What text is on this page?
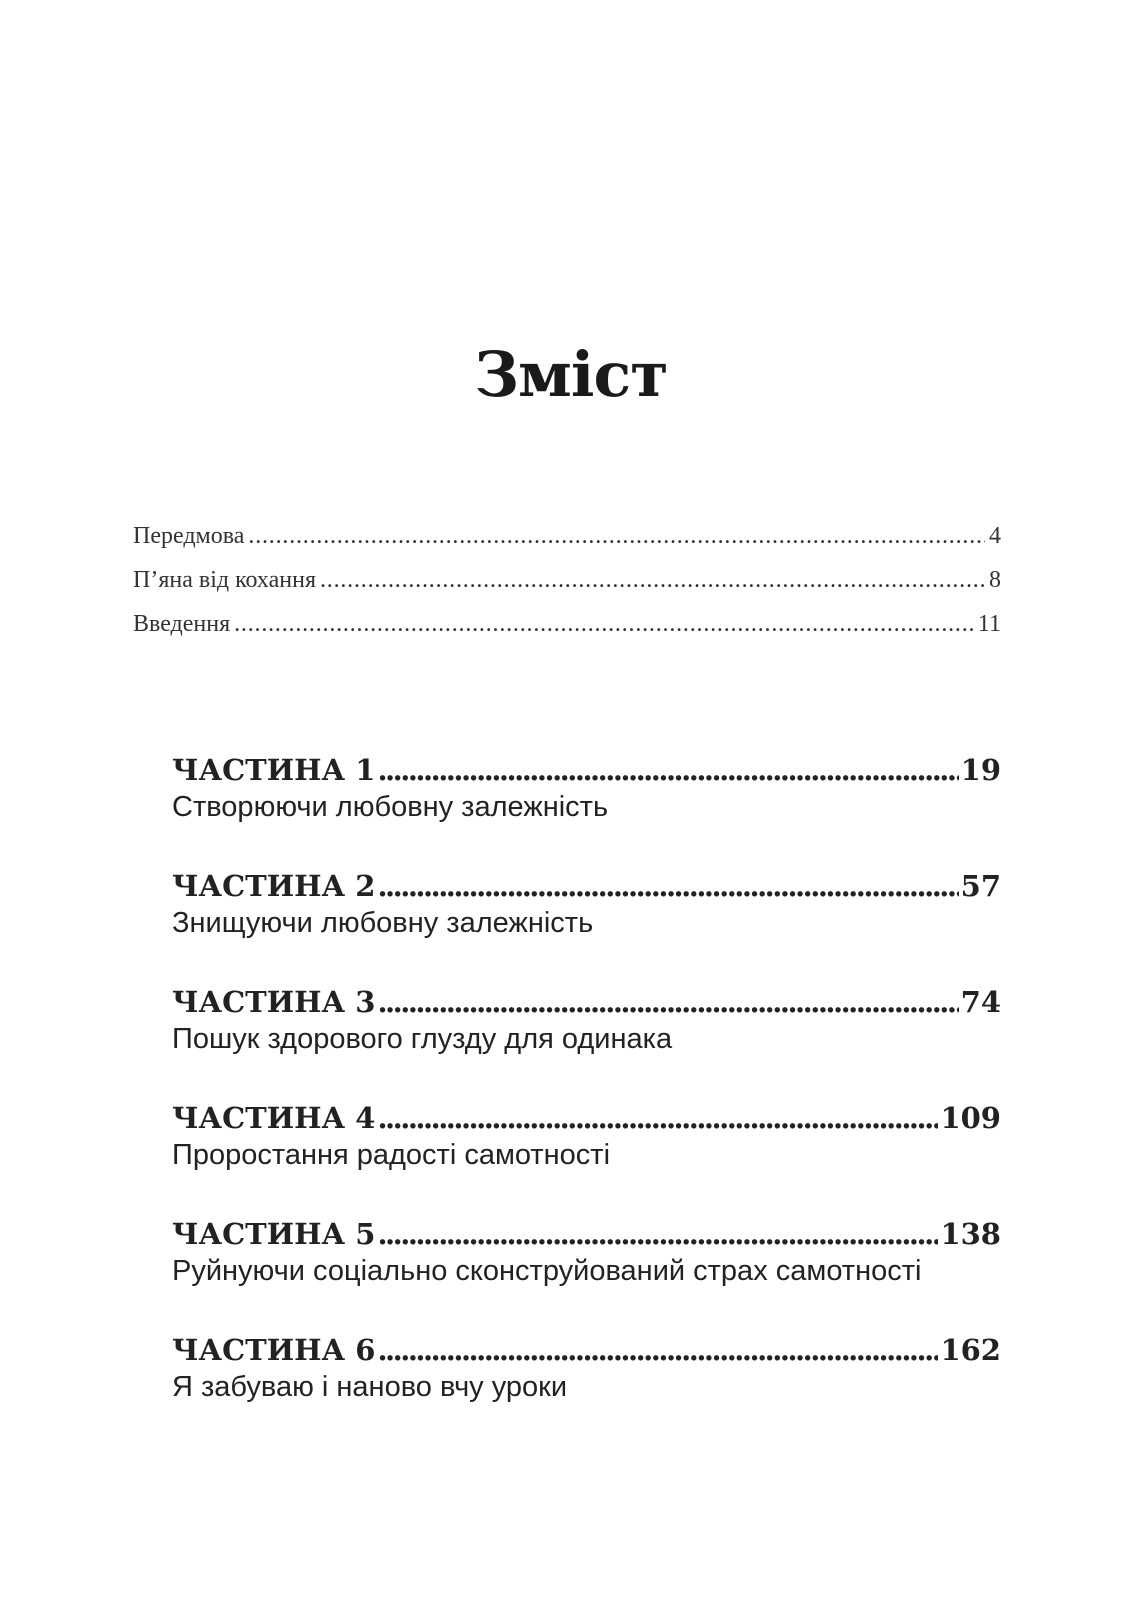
Зміст
Передмова . . .	4
П’яна від кохання . . .	8
Введення . . .	11
ЧАСТИНА 1 . . .	19
Створюючи любовну залежність
ЧАСТИНА 2 . . .	57
Знищуючи любовну залежність
ЧАСТИНА 3 . . .	74
Пошук здорового глузду для одинака
ЧАСТИНА 4 . . .	109
Проростання радості самотності
ЧАСТИНА 5 . . .	138
Руйнуючи соціально сконструйований страх самотності
ЧАСТИНА 6 . . .	162
Я забуваю і наново вчу уроки
